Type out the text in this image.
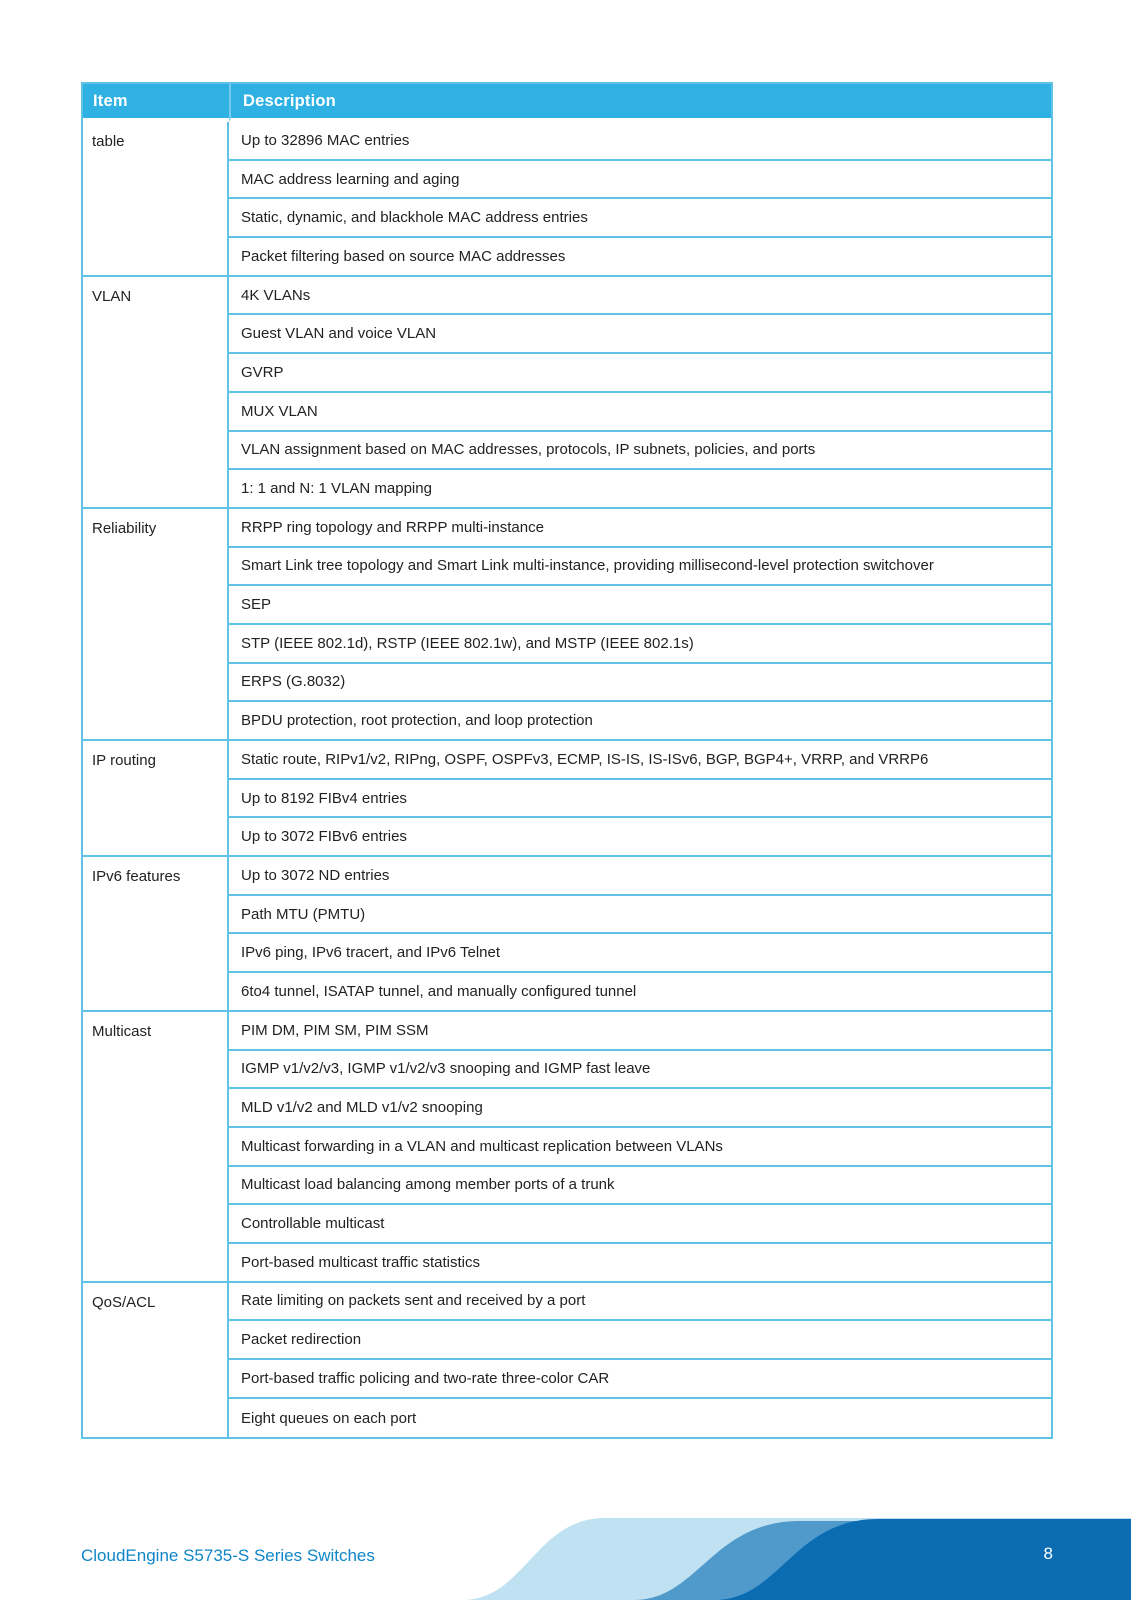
Item	Description
table	Up to 32896 MAC entries
	MAC address learning and aging
	Static, dynamic, and blackhole MAC address entries
	Packet filtering based on source MAC addresses
VLAN	4K VLANs
	Guest VLAN and voice VLAN
	GVRP
	MUX VLAN
	VLAN assignment based on MAC addresses, protocols, IP subnets, policies, and ports
	1: 1 and N: 1 VLAN mapping
Reliability	RRPP ring topology and RRPP multi-instance
	Smart Link tree topology and Smart Link multi-instance, providing millisecond-level protection switchover
	SEP
	STP (IEEE 802.1d), RSTP (IEEE 802.1w), and MSTP (IEEE 802.1s)
	ERPS (G.8032)
	BPDU protection, root protection, and loop protection
IP routing	Static route, RIPv1/v2, RIPng, OSPF, OSPFv3, ECMP, IS-IS, IS-ISv6, BGP, BGP4+, VRRP, and VRRP6
	Up to 8192 FIBv4 entries
	Up to 3072 FIBv6 entries
IPv6 features	Up to 3072 ND entries
	Path MTU (PMTU)
	IPv6 ping, IPv6 tracert, and IPv6 Telnet
	6to4 tunnel, ISATAP tunnel, and manually configured tunnel
Multicast	PIM DM, PIM SM, PIM SSM
	IGMP v1/v2/v3, IGMP v1/v2/v3 snooping and IGMP fast leave
	MLD v1/v2 and MLD v1/v2 snooping
	Multicast forwarding in a VLAN and multicast replication between VLANs
	Multicast load balancing among member ports of a trunk
	Controllable multicast
	Port-based multicast traffic statistics
QoS/ACL	Rate limiting on packets sent and received by a port
	Packet redirection
	Port-based traffic policing and two-rate three-color CAR
	Eight queues on each port
CloudEngine S5735-S Series Switches	8
